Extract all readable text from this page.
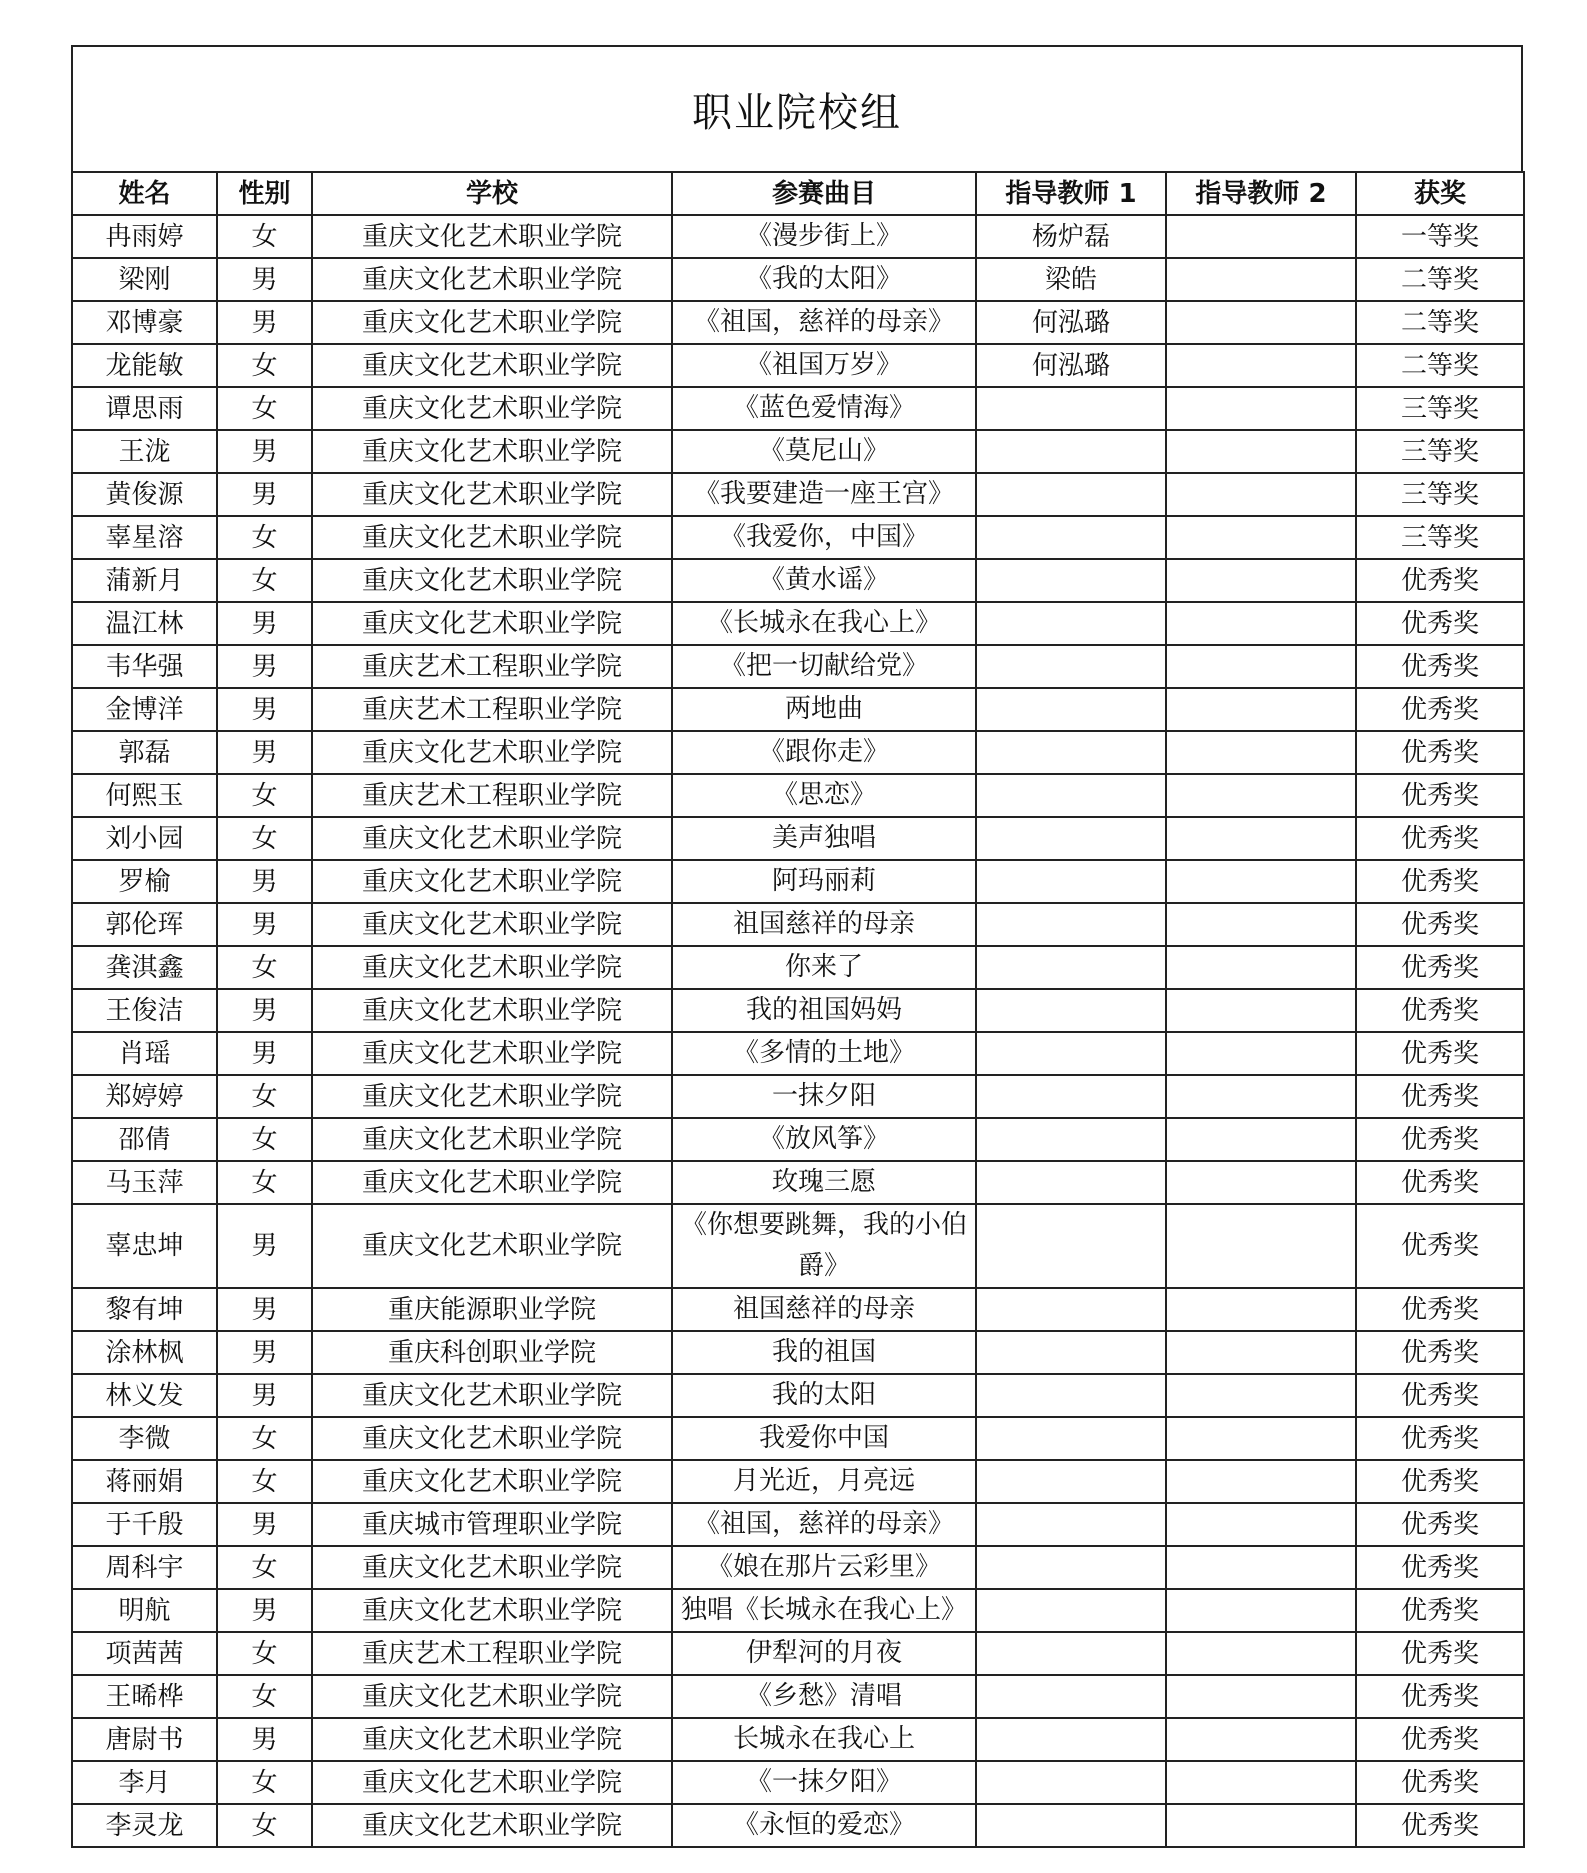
职业院校组
姓名	性别	学校	参赛曲目	指导教师 1	指导教师 2	获奖
冉雨婷	女	重庆文化艺术职业学院	《漫步街上》	杨炉磊		一等奖
梁刚	男	重庆文化艺术职业学院	《我的太阳》	梁皓		二等奖
邓博豪	男	重庆文化艺术职业学院	《祖国，慈祥的母亲》	何泓璐		二等奖
龙能敏	女	重庆文化艺术职业学院	《祖国万岁》	何泓璐		二等奖
谭思雨	女	重庆文化艺术职业学院	《蓝色爱情海》			三等奖
王泷	男	重庆文化艺术职业学院	《莫尼山》			三等奖
黄俊源	男	重庆文化艺术职业学院	《我要建造一座王宫》			三等奖
辜星溶	女	重庆文化艺术职业学院	《我爱你，中国》			三等奖
蒲新月	女	重庆文化艺术职业学院	《黄水谣》			优秀奖
温江林	男	重庆文化艺术职业学院	《长城永在我心上》			优秀奖
韦华强	男	重庆艺术工程职业学院	《把一切献给党》			优秀奖
金博洋	男	重庆艺术工程职业学院	两地曲			优秀奖
郭磊	男	重庆文化艺术职业学院	《跟你走》			优秀奖
何熙玉	女	重庆艺术工程职业学院	《思恋》			优秀奖
刘小园	女	重庆文化艺术职业学院	美声独唱			优秀奖
罗榆	男	重庆文化艺术职业学院	阿玛丽莉			优秀奖
郭伦珲	男	重庆文化艺术职业学院	祖国慈祥的母亲			优秀奖
龚淇鑫	女	重庆文化艺术职业学院	你来了			优秀奖
王俊洁	男	重庆文化艺术职业学院	我的祖国妈妈			优秀奖
肖瑶	男	重庆文化艺术职业学院	《多情的土地》			优秀奖
郑婷婷	女	重庆文化艺术职业学院	一抹夕阳			优秀奖
邵倩	女	重庆文化艺术职业学院	《放风筝》			优秀奖
马玉萍	女	重庆文化艺术职业学院	玫瑰三愿			优秀奖
辜忠坤	男	重庆文化艺术职业学院	《你想要跳舞，我的小伯爵》			优秀奖
黎有坤	男	重庆能源职业学院	祖国慈祥的母亲			优秀奖
涂林枫	男	重庆科创职业学院	我的祖国			优秀奖
林义发	男	重庆文化艺术职业学院	我的太阳			优秀奖
李微	女	重庆文化艺术职业学院	我爱你中国			优秀奖
蒋丽娟	女	重庆文化艺术职业学院	月光近，月亮远			优秀奖
于千殷	男	重庆城市管理职业学院	《祖国，慈祥的母亲》			优秀奖
周科宇	女	重庆文化艺术职业学院	《娘在那片云彩里》			优秀奖
明航	男	重庆文化艺术职业学院	独唱《长城永在我心上》			优秀奖
项茜茜	女	重庆艺术工程职业学院	伊犁河的月夜			优秀奖
王晞桦	女	重庆文化艺术职业学院	《乡愁》清唱			优秀奖
唐尉书	男	重庆文化艺术职业学院	长城永在我心上			优秀奖
李月	女	重庆文化艺术职业学院	《一抹夕阳》			优秀奖
李灵龙	女	重庆文化艺术职业学院	《永恒的爱恋》			优秀奖
